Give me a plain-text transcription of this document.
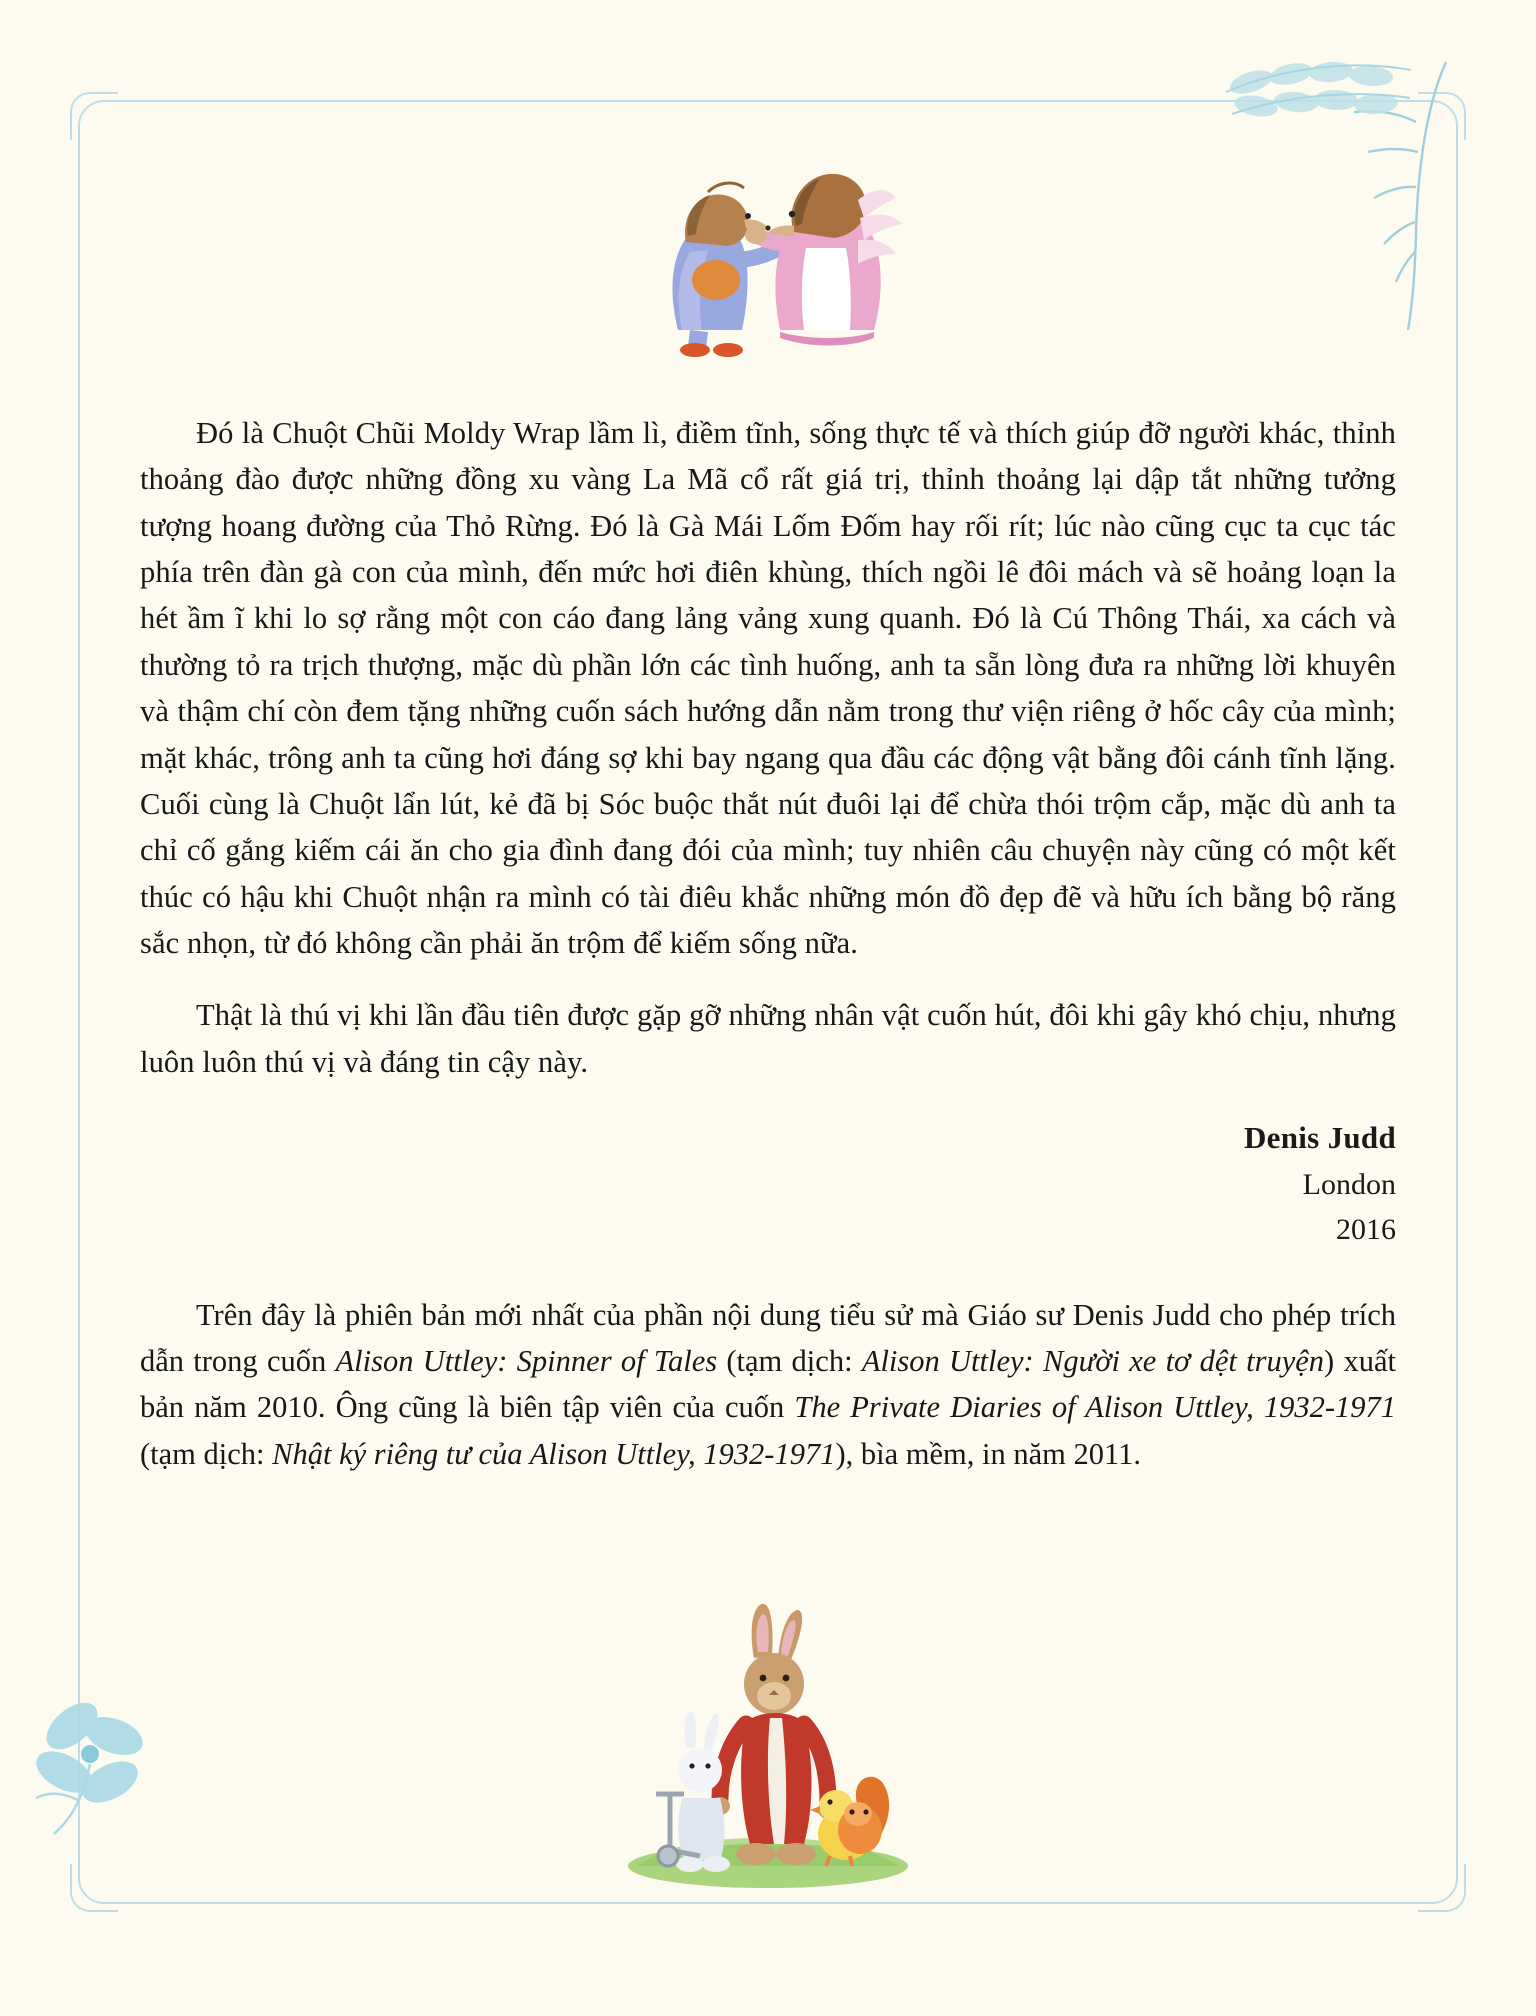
Đó là Chuột Chũi Moldy Wrap lầm lì, điềm tĩnh, sống thực tế và thích giúp đỡ người khác, thỉnh thoảng đào được những đồng xu vàng La Mã cổ rất giá trị, thỉnh thoảng lại dập tắt những tưởng tượng hoang đường của Thỏ Rừng. Đó là Gà Mái Lốm Đốm hay rối rít; lúc nào cũng cục ta cục tác phía trên đàn gà con của mình, đến mức hơi điên khùng, thích ngồi lê đôi mách và sẽ hoảng loạn la hét ầm ĩ khi lo sợ rằng một con cáo đang lảng vảng xung quanh. Đó là Cú Thông Thái, xa cách và thường tỏ ra trịch thượng, mặc dù phần lớn các tình huống, anh ta sẵn lòng đưa ra những lời khuyên và thậm chí còn đem tặng những cuốn sách hướng dẫn nằm trong thư viện riêng ở hốc cây của mình; mặt khác, trông anh ta cũng hơi đáng sợ khi bay ngang qua đầu các động vật bằng đôi cánh tĩnh lặng. Cuối cùng là Chuột lẩn lút, kẻ đã bị Sóc buộc thắt nút đuôi lại để chừa thói trộm cắp, mặc dù anh ta chỉ cố gắng kiếm cái ăn cho gia đình đang đói của mình; tuy nhiên câu chuyện này cũng có một kết thúc có hậu khi Chuột nhận ra mình có tài điêu khắc những món đồ đẹp đẽ và hữu ích bằng bộ răng sắc nhọn, từ đó không cần phải ăn trộm để kiếm sống nữa.

Thật là thú vị khi lần đầu tiên được gặp gỡ những nhân vật cuốn hút, đôi khi gây khó chịu, nhưng luôn luôn thú vị và đáng tin cậy này.

Denis Judd
London
2016

Trên đây là phiên bản mới nhất của phần nội dung tiểu sử mà Giáo sư Denis Judd cho phép trích dẫn trong cuốn Alison Uttley: Spinner of Tales (tạm dịch: Alison Uttley: Người xe tơ dệt truyện) xuất bản năm 2010. Ông cũng là biên tập viên của cuốn The Private Diaries of Alison Uttley, 1932-1971 (tạm dịch: Nhật ký riêng tư của Alison Uttley, 1932-1971), bìa mềm, in năm 2011.
